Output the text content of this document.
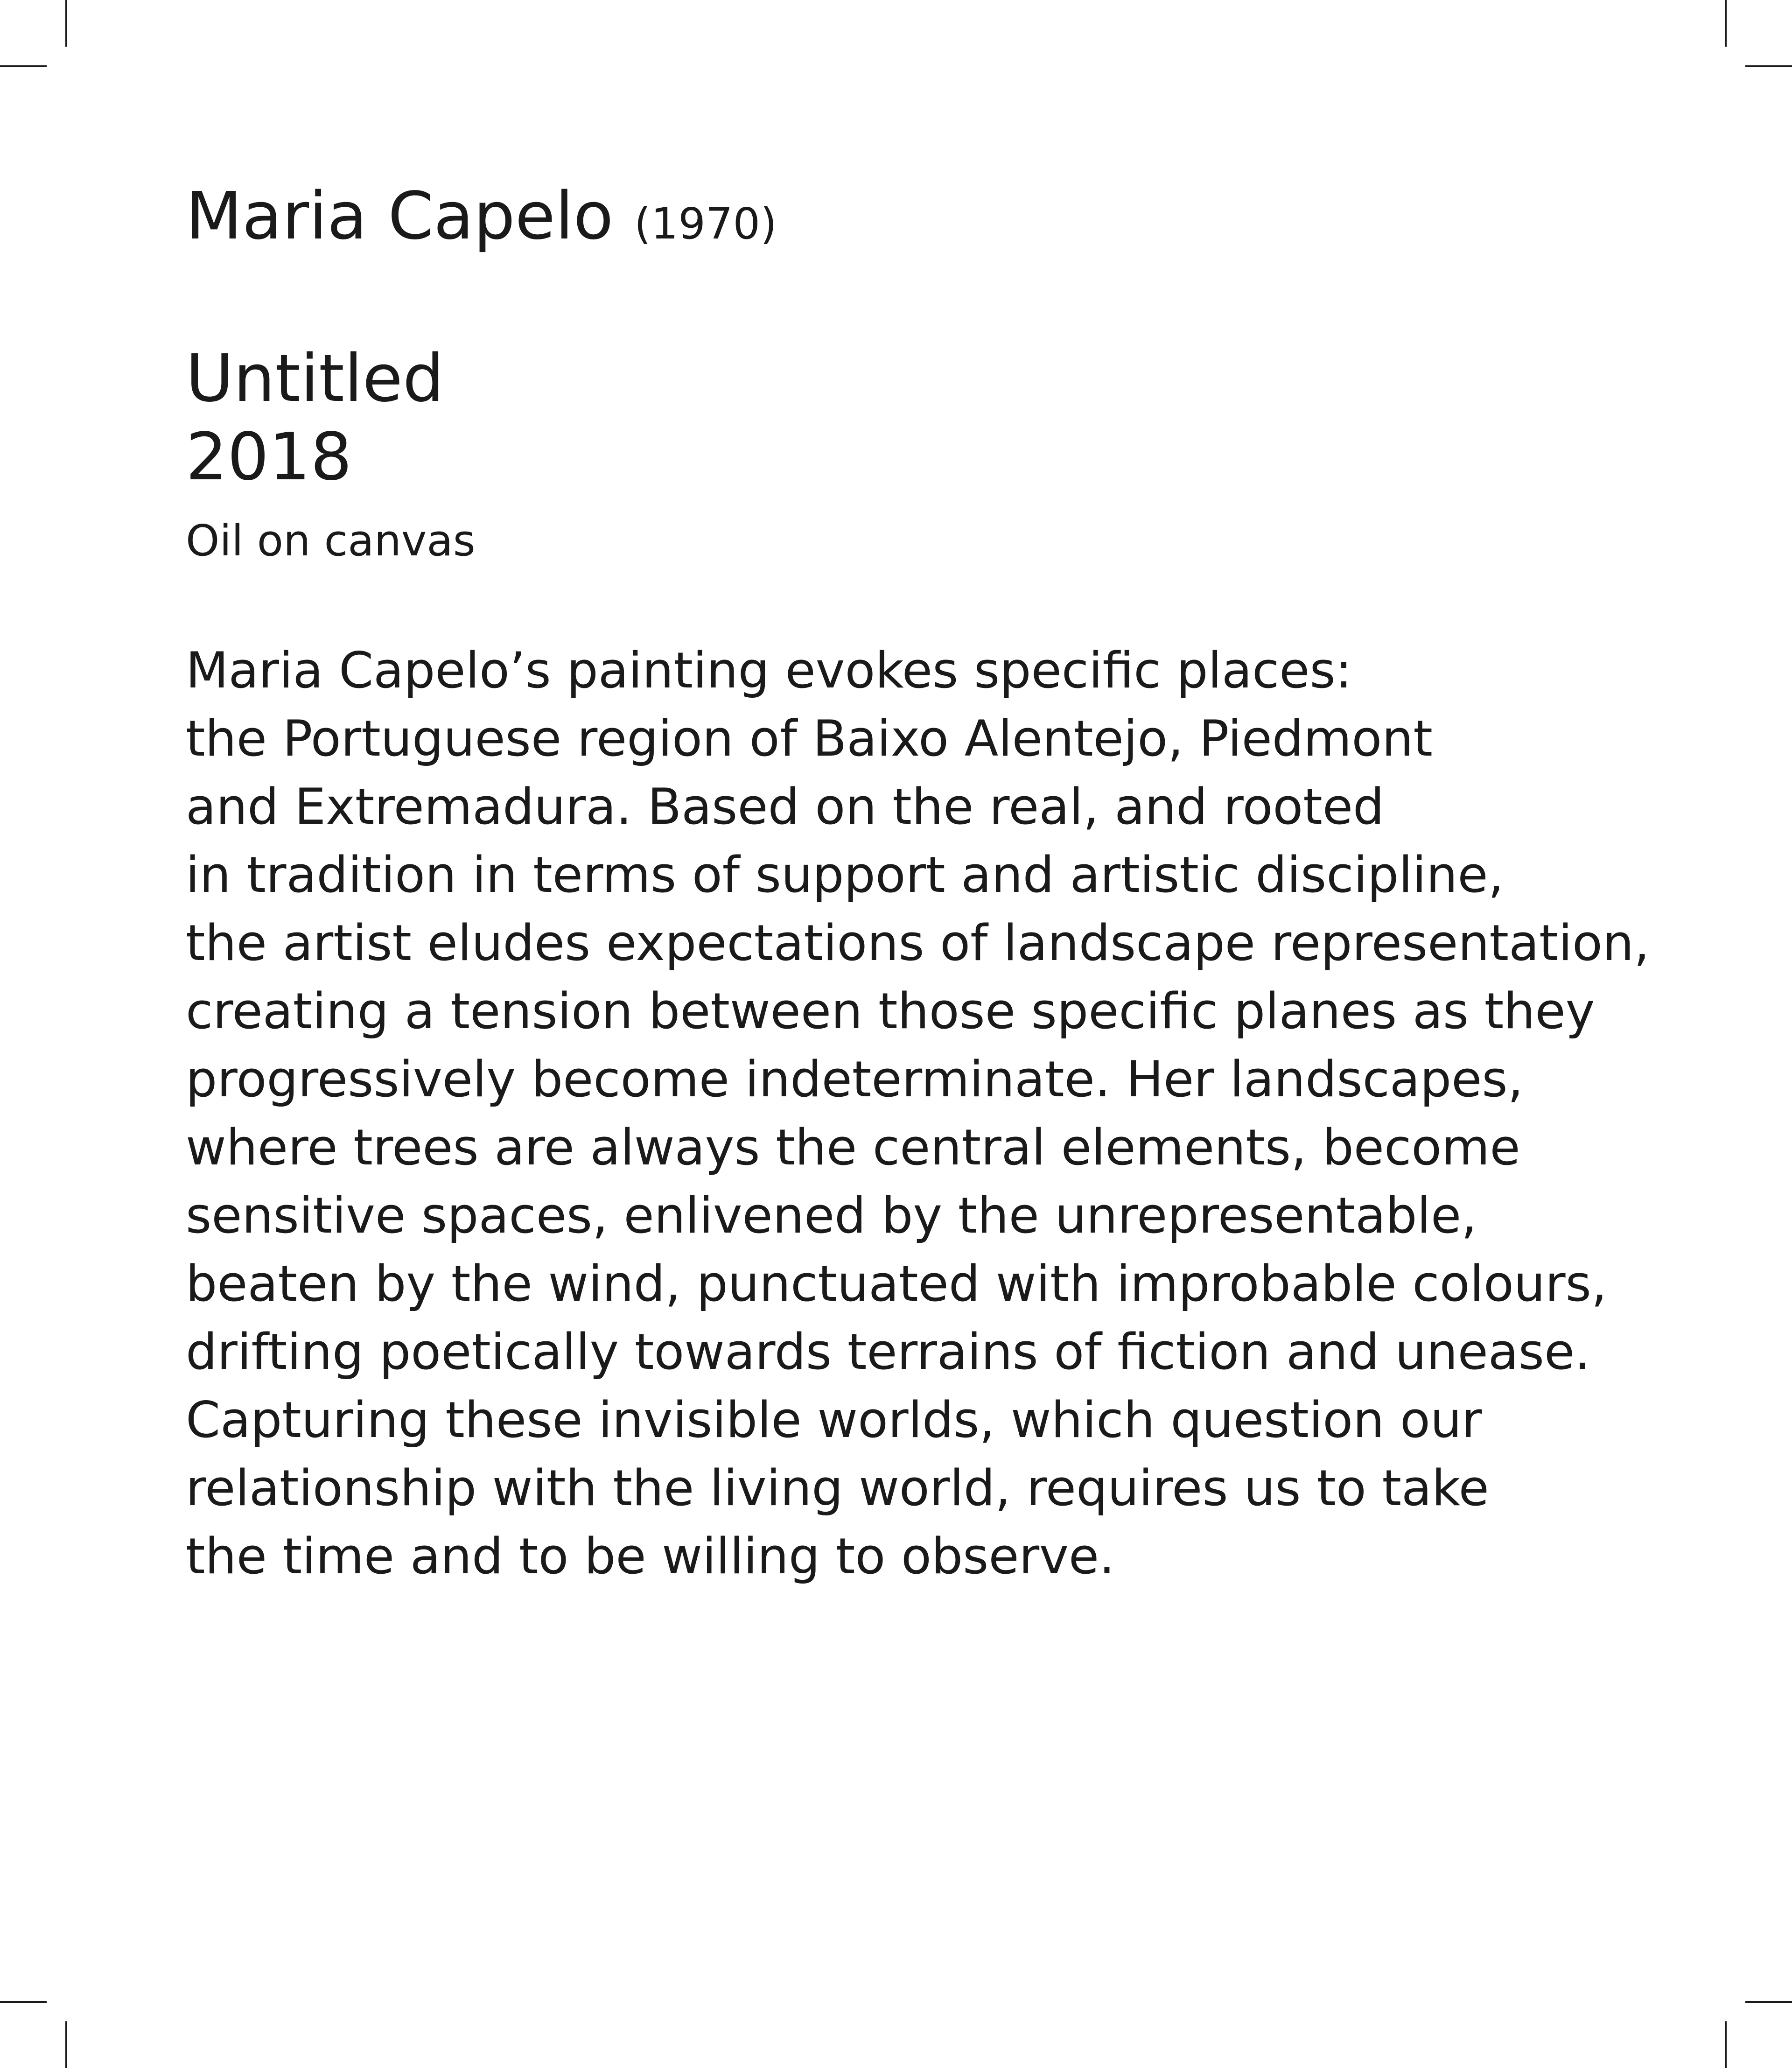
Maria Capelo (1970)

Untitled

2018

Oil on canvas

Maria Capelo’s painting evokes specific places:
the Portuguese region of Baixo Alentejo, Piedmont
and Extremadura. Based on the real, and rooted
in tradition in terms of support and artistic discipline,
the artist eludes expectations of landscape representation,
creating a tension between those specific planes as they
progressively become indeterminate. Her landscapes,
where trees are always the central elements, become
sensitive spaces, enlivened by the unrepresentable,
beaten by the wind, punctuated with improbable colours,
drifting poetically towards terrains of fiction and unease.
Capturing these invisible worlds, which question our
relationship with the living world, requires us to take
the time and to be willing to observe.
